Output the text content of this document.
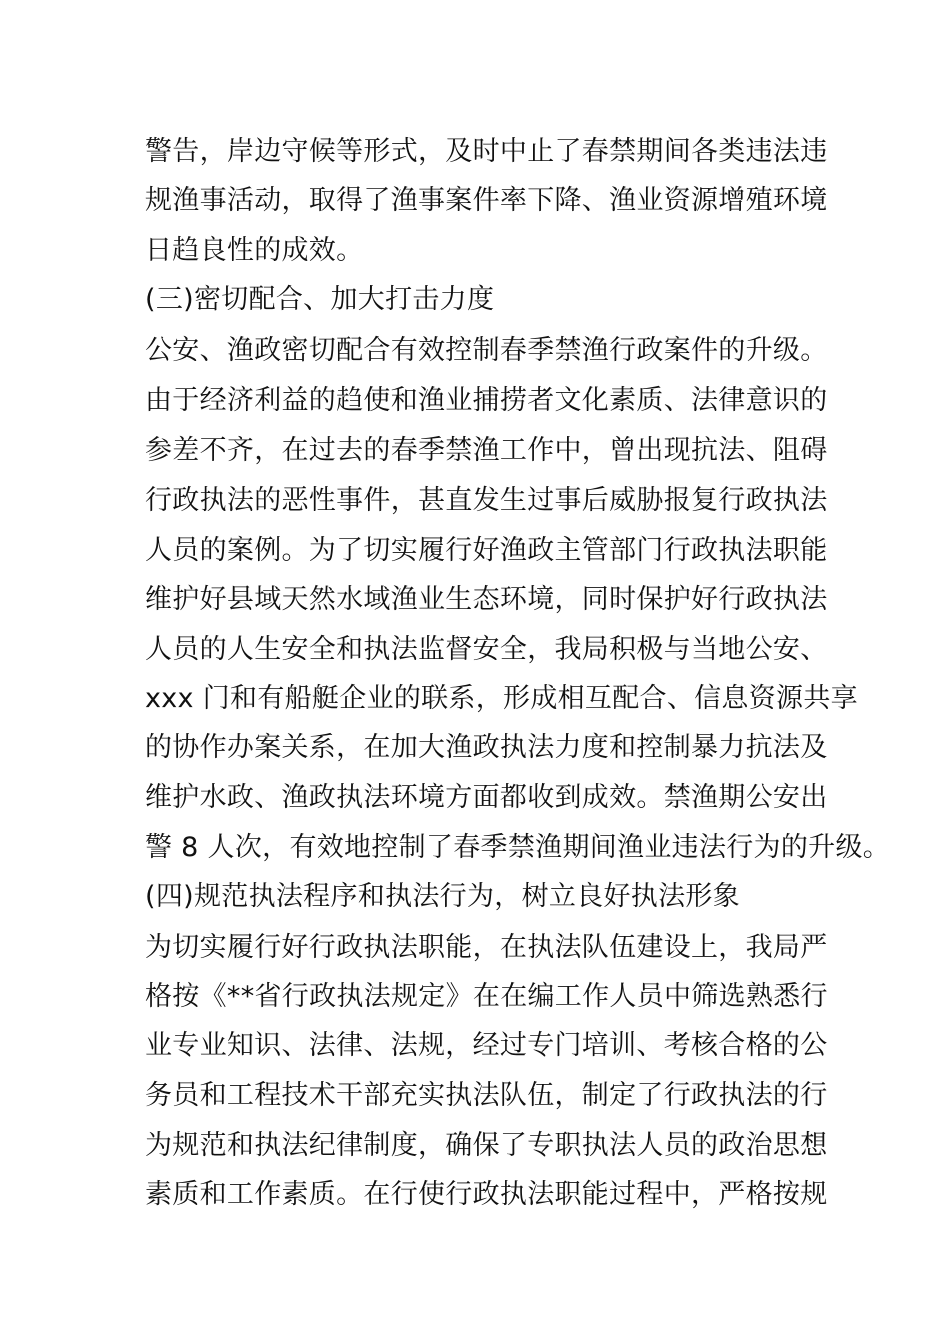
警告，岸边守候等形式，及时中止了春禁期间各类违法违
规渔事活动，取得了渔事案件率下降、渔业资源增殖环境
日趋良性的成效。
(三)密切配合、加大打击力度
公安、渔政密切配合有效控制春季禁渔行政案件的升级。
由于经济利益的趋使和渔业捕捞者文化素质、法律意识的
参差不齐，在过去的春季禁渔工作中，曾出现抗法、阻碍
行政执法的恶性事件，甚直发生过事后威胁报复行政执法
人员的案例。为了切实履行好渔政主管部门行政执法职能
维护好县域天然水域渔业生态环境，同时保护好行政执法
人员的人生安全和执法监督安全，我局积极与当地公安、
xxx 门和有船艇企业的联系，形成相互配合、信息资源共享
的协作办案关系，在加大渔政执法力度和控制暴力抗法及
维护水政、渔政执法环境方面都收到成效。禁渔期公安出
警 8 人次，有效地控制了春季禁渔期间渔业违法行为的升级。
(四)规范执法程序和执法行为，树立良好执法形象
为切实履行好行政执法职能，在执法队伍建设上，我局严
格按《**省行政执法规定》在在编工作人员中筛选熟悉行
业专业知识、法律、法规，经过专门培训、考核合格的公
务员和工程技术干部充实执法队伍，制定了行政执法的行
为规范和执法纪律制度，确保了专职执法人员的政治思想
素质和工作素质。在行使行政执法职能过程中，严格按规
